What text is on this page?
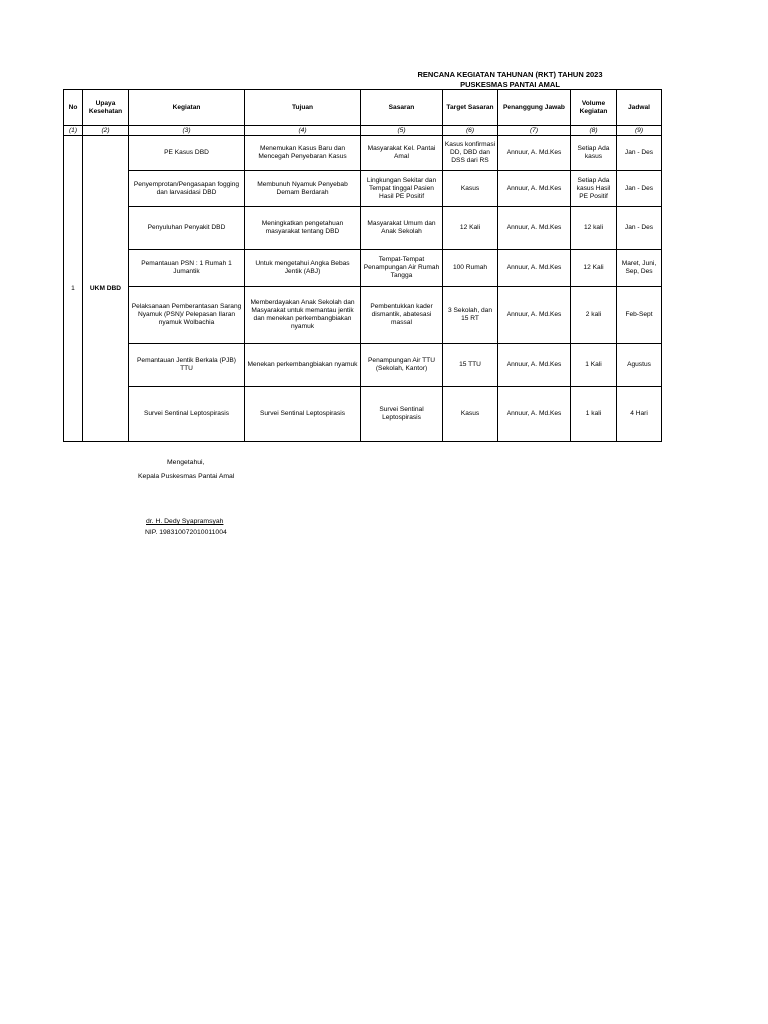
RENCANA KEGIATAN TAHUNAN (RKT) TAHUN 2023
PUSKESMAS PANTAI AMAL
No	Upaya Kesehatan	Kegiatan	Tujuan	Sasaran	Target Sasaran	Penanggung Jawab	Volume Kegiatan	Jadwal
(1)	(2)	(3)	(4)	(5)	(6)	(7)	(8)	(9)
1	UKM DBD	PE Kasus DBD	Menemukan Kasus Baru dan Mencegah Penyebaran Kasus	Masyarakat Kel. Pantai Amal	Kasus konfirmasi DD, DBD dan DSS dari RS	Annuur, A. Md.Kes	Setiap Ada kasus	Jan - Des
		Penyemprotan/Pengasapan fogging dan larvasidasi DBD	Membunuh Nyamuk Penyebab Demam Berdarah	Lingkungan Sekitar dan Tempat tinggal Pasien Hasil PE Positif	Kasus	Annuur, A. Md.Kes	Setiap Ada kasus Hasil PE Positif	Jan - Des
		Penyuluhan Penyakit DBD	Meningkatkan pengetahuan masyarakat tentang DBD	Masyarakat Umum dan Anak Sekolah	12 Kali	Annuur, A. Md.Kes	12 kali	Jan - Des
		Pemantauan PSN : 1 Rumah 1 Jumantik	Untuk mengetahui Angka Bebas Jentik (ABJ)	Tempat-Tempat Penampungan Air Rumah Tangga	100 Rumah	Annuur, A. Md.Kes	12 Kali	Maret, Juni, Sep, Des
		Pelaksanaan Pemberantasan Sarang Nyamuk (PSN)/ Pelepasan Ilaran nyamuk Wolbachia	Memberdayakan Anak Sekolah dan Masyarakat untuk memantau jentik dan menekan perkembangbiakan nyamuk	Pembentukkan kader dismantik, abatesasi massal	3 Sekolah, dan 15 RT	Annuur, A. Md.Kes	2 kali	Feb-Sept
		Pemantauan Jentik Berkala (PJB) TTU	Menekan perkembangbiakan nyamuk	Penampungan Air TTU (Sekolah, Kantor)	15 TTU	Annuur, A. Md.Kes	1 Kali	Agustus
		Survei Sentinal Leptospirasis	Survei Sentinal Leptospirasis	Survei Sentinal Leptospirasis	Kasus	Annuur, A. Md.Kes	1 kali	4 Hari
Mengetahui,
Kepala Puskesmas Pantai Amal
dr. H. Dedy Syapramsyah
NIP. 198310072010011004
